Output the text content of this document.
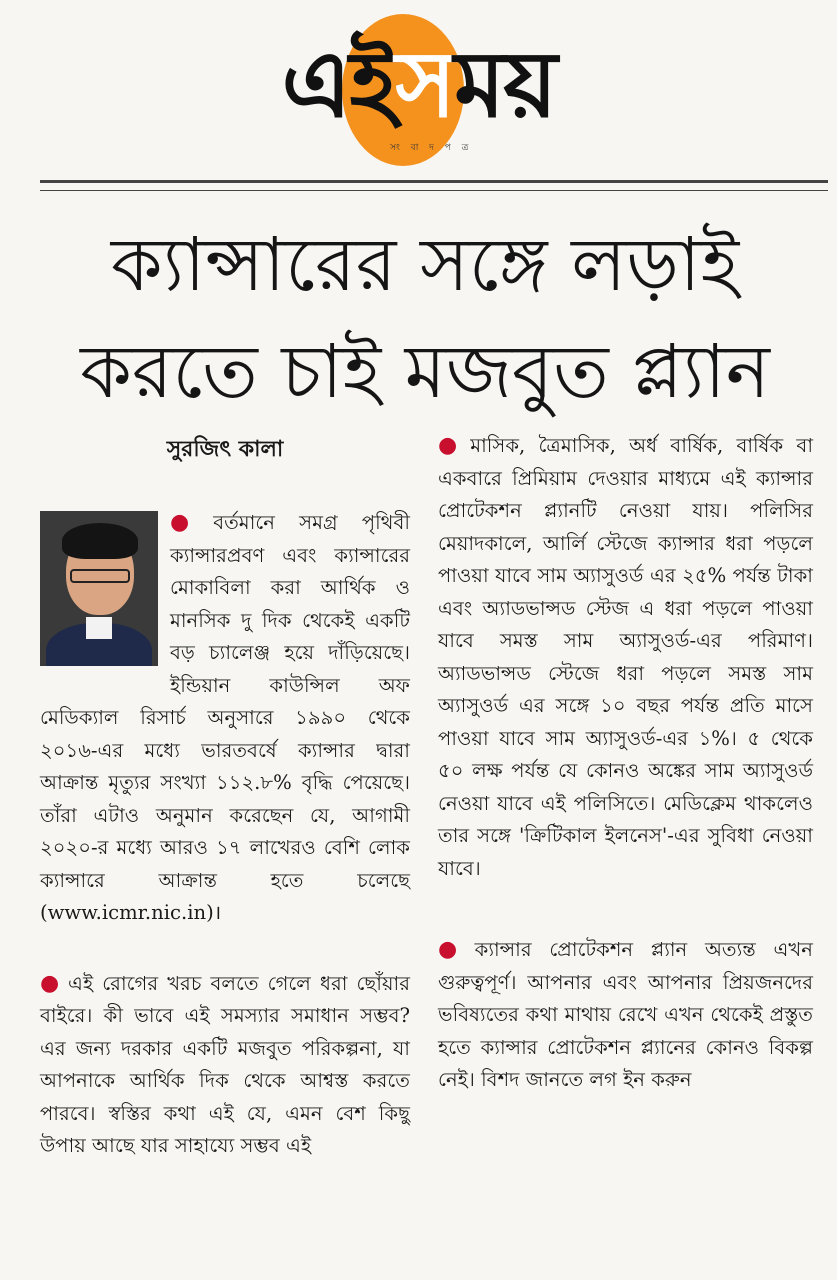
এইসময়
সং বা দ প ত্র
ক্যান্সারের সঙ্গে লড়াই
করতে চাই মজবুত প্ল্যান
সুরজিৎ কালা

● বর্তমানে সমগ্র পৃথিবী ক্যান্সারপ্রবণ এবং ক্যান্সারের মোকাবিলা করা আর্থিক ও মানসিক দু দিক থেকেই একটি বড় চ্যালেঞ্জ হয়ে দাঁড়িয়েছে। ইন্ডিয়ান কাউন্সিল অফ মেডিক্যাল রিসার্চ অনুসারে ১৯৯০ থেকে ২০১৬-এর মধ্যে ভারতবর্ষে ক্যান্সার দ্বারা আক্রান্ত মৃত্যুর সংখ্যা ১১২.৮% বৃদ্ধি পেয়েছে। তাঁরা এটাও অনুমান করেছেন যে, আগামী ২০২০-র মধ্যে আরও ১৭ লাখেরও বেশি লোক ক্যান্সারে আক্রান্ত হতে চলেছে (www.icmr.nic.in)।

● এই রোগের খরচ বলতে গেলে ধরা ছোঁয়ার বাইরে। কী ভাবে এই সমস্যার সমাধান সম্ভব? এর জন্য দরকার একটি মজবুত পরিকল্পনা, যা আপনাকে আর্থিক দিক থেকে আশ্বস্ত করতে পারবে। স্বস্তির কথা এই যে, এমন বেশ কিছু উপায় আছে যার সাহায্যে সম্ভব এই

● মাসিক, ত্রৈমাসিক, অর্ধ বার্ষিক, বার্ষিক বা একবারে প্রিমিয়াম দেওয়ার মাধ্যমে এই ক্যান্সার প্রোটেকশন প্ল্যানটি নেওয়া যায়। পলিসির মেয়াদকালে, আর্লি স্টেজে ক্যান্সার ধরা পড়লে পাওয়া যাবে সাম অ্যাসুওর্ড এর ২৫% পর্যন্ত টাকা এবং অ্যাডভান্সড স্টেজ এ ধরা পড়লে পাওয়া যাবে সমস্ত সাম অ্যাসুওর্ড-এর পরিমাণ। অ্যাডভান্সড স্টেজে ধরা পড়লে সমস্ত সাম অ্যাসুওর্ড এর সঙ্গে ১০ বছর পর্যন্ত প্রতি মাসে পাওয়া যাবে সাম অ্যাসুওর্ড-এর ১%। ৫ থেকে ৫০ লক্ষ পর্যন্ত যে কোনও অঙ্কের সাম অ্যাসুওর্ড নেওয়া যাবে এই পলিসিতে। মেডিক্লেম থাকলেও তার সঙ্গে 'ক্রিটিকাল ইলনেস'-এর সুবিধা নেওয়া যাবে।

● ক্যান্সার প্রোটেকশন প্ল্যান অত্যন্ত এখন গুরুত্বপূর্ণ। আপনার এবং আপনার প্রিয়জনদের ভবিষ্যতের কথা মাথায় রেখে এখন থেকেই প্রস্তুত হতে ক্যান্সার প্রোটেকশন প্ল্যানের কোনও বিকল্প নেই। বিশদ জানতে লগ ইন করুন
